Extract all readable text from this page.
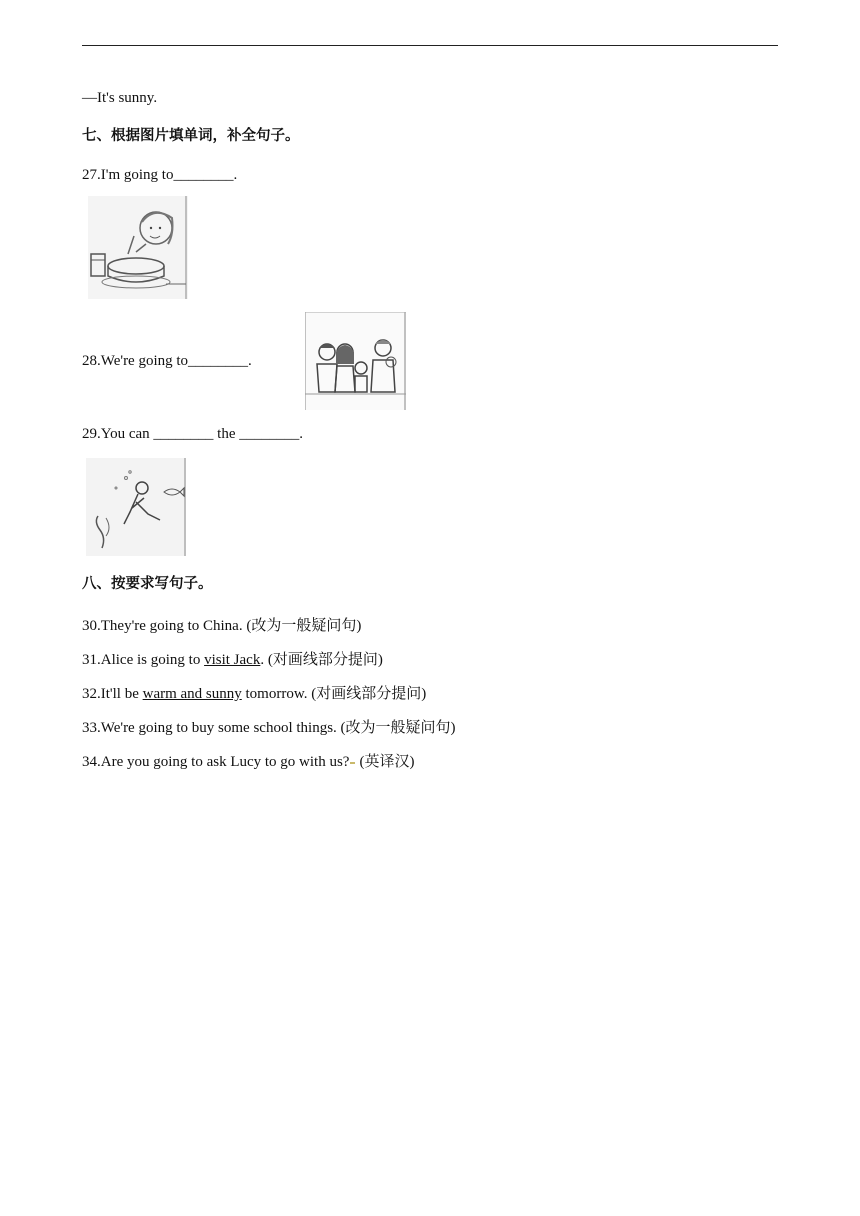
—It's sunny.
七、根据图片填单词，补全句子。
27.I'm going to________.
28.We're going to________.
29.You can ________ the ________.
八、按要求写句子。
30.They're going to China. (改为一般疑问句)
31.Alice is going to visit Jack. (对画线部分提问)
32.It'll be warm and sunny tomorrow. (对画线部分提问)
33.We're going to buy some school things. (改为一般疑问句)
34.Are you going to ask Lucy to go with us? (英译汉)
